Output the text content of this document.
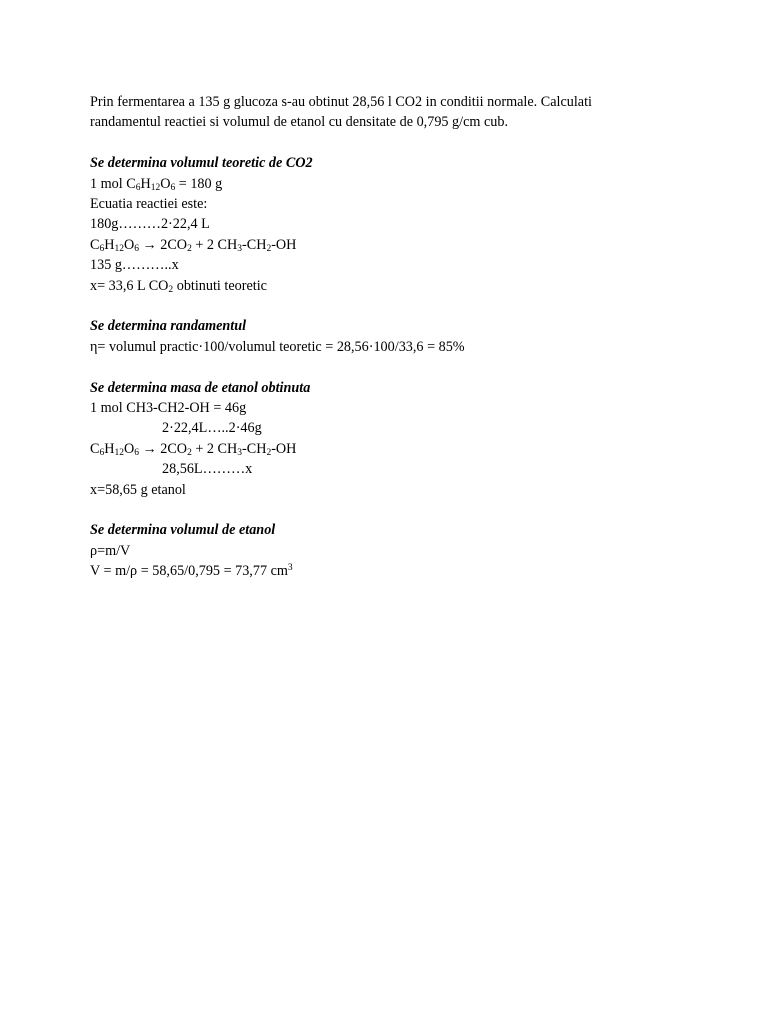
Prin fermentarea a 135 g glucoza s-au obtinut 28,56 l CO2 in conditii normale. Calculati
randamentul reactiei si volumul de etanol cu densitate de 0,795 g/cm cub.
Se determina volumul teoretic de CO2
1 mol $C_6H_{12}O_6 = 180$ g
Ecuatia reactiei este:
180g………2·22,4 L
$C_6H_{12}O_6 \to 2CO_2 + 2$ $CH_3-CH_2-OH$
135 g………..x
x= 33,6 L $CO_2$ obtinuti teoretic
Se determina randamentul
η= volumul practic·100/volumul teoretic = 28,56·100/33,6 = 85%
Se determina masa de etanol obtinuta
1 mol CH3-CH2-OH = 46g
2·22,4L…..2·46g
$C_6H_{12}O_6 \to 2CO_2 + 2$ $CH_3-CH_2-OH$
28,56L………x
x=58,65 g etanol
Se determina volumul de etanol
ρ=m/V
V = m/ρ = 58,65/0,795 = 73,77 $cm^3$
